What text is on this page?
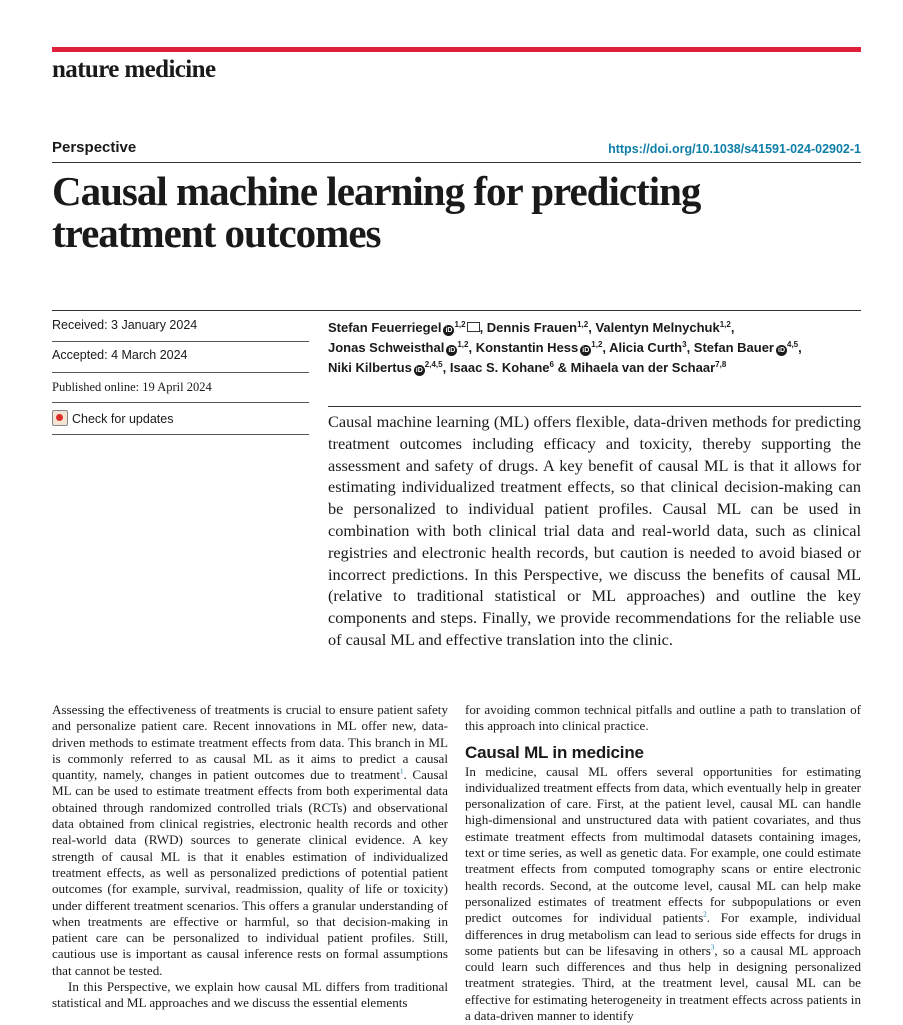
nature medicine
Perspective	https://doi.org/10.1038/s41591-024-02902-1
Causal machine learning for predicting treatment outcomes
Received: 3 January 2024
Accepted: 4 March 2024
Published online: 19 April 2024
Check for updates
Stefan Feuerriegel iD$^{1,2}$ , Dennis Frauen$^{1,2}$, Valentyn Melnychuk$^{1,2}$,
Jonas Schweisthal iD$^{1,2}$, Konstantin Hess iD$^{1,2}$, Alicia Curth$^3$, Stefan Bauer iD$^{4,5}$,
Niki Kilbertus iD$^{2,4,5}$, Isaac S. Kohane$^6$ & Mihaela van der Schaar$^{7,8}$

Causal machine learning (ML) offers flexible, data-driven methods for predicting treatment outcomes including efficacy and toxicity, thereby supporting the assessment and safety of drugs. A key benefit of causal ML is that it allows for estimating individualized treatment effects, so that clinical decision-making can be personalized to individual patient profiles. Causal ML can be used in combination with both clinical trial data and real-world data, such as clinical registries and electronic health records, but caution is needed to avoid biased or incorrect predictions. In this Perspective, we discuss the benefits of causal ML (relative to traditional statistical or ML approaches) and outline the key components and steps. Finally, we provide recommendations for the reliable use of causal ML and effective translation into the clinic.

Assessing the effectiveness of treatments is crucial to ensure patient safety and personalize patient care. Recent innovations in ML offer new, data-driven methods to estimate treatment effects from data. This branch in ML is commonly referred to as causal ML as it aims to predict a causal quantity, namely, changes in patient outcomes due to treatment$^1$. Causal ML can be used to estimate treatment effects from both experimental data obtained through randomized controlled trials (RCTs) and observational data obtained from clinical registries, electronic health records and other real-world data (RWD) sources to generate clinical evidence. A key strength of causal ML is that it enables estimation of individualized treatment effects, as well as personalized predictions of potential patient outcomes (for example, survival, readmission, quality of life or toxicity) under different treatment scenarios. This offers a granular understanding of when treatments are effective or harmful, so that decision-making in patient care can be personalized to individual patient profiles. Still, cautious use is important as causal inference rests on formal assumptions that cannot be tested.

In this Perspective, we explain how causal ML differs from traditional statistical and ML approaches and we discuss the essential elements

for avoiding common technical pitfalls and outline a path to translation of this approach into clinical practice.

Causal ML in medicine

In medicine, causal ML offers several opportunities for estimating individualized treatment effects from data, which eventually help in greater personalization of care. First, at the patient level, causal ML can handle high-dimensional and unstructured data with patient covariates, and thus estimate treatment effects from multimodal datasets containing images, text or time series, as well as genetic data. For example, one could estimate treatment effects from computed tomography scans or entire electronic health records. Second, at the outcome level, causal ML can help make personalized estimates of treatment effects for subpopulations or even predict outcomes for individual patients$^2$. For example, individual differences in drug metabolism can lead to serious side effects for drugs in some patients but can be lifesaving in others$^3$, so a causal ML approach could learn such differences and thus help in designing personalized treatment strategies. Third, at the treatment level, causal ML can be effective for estimating heterogeneity in treatment effects across patients in a data-driven manner to identify
